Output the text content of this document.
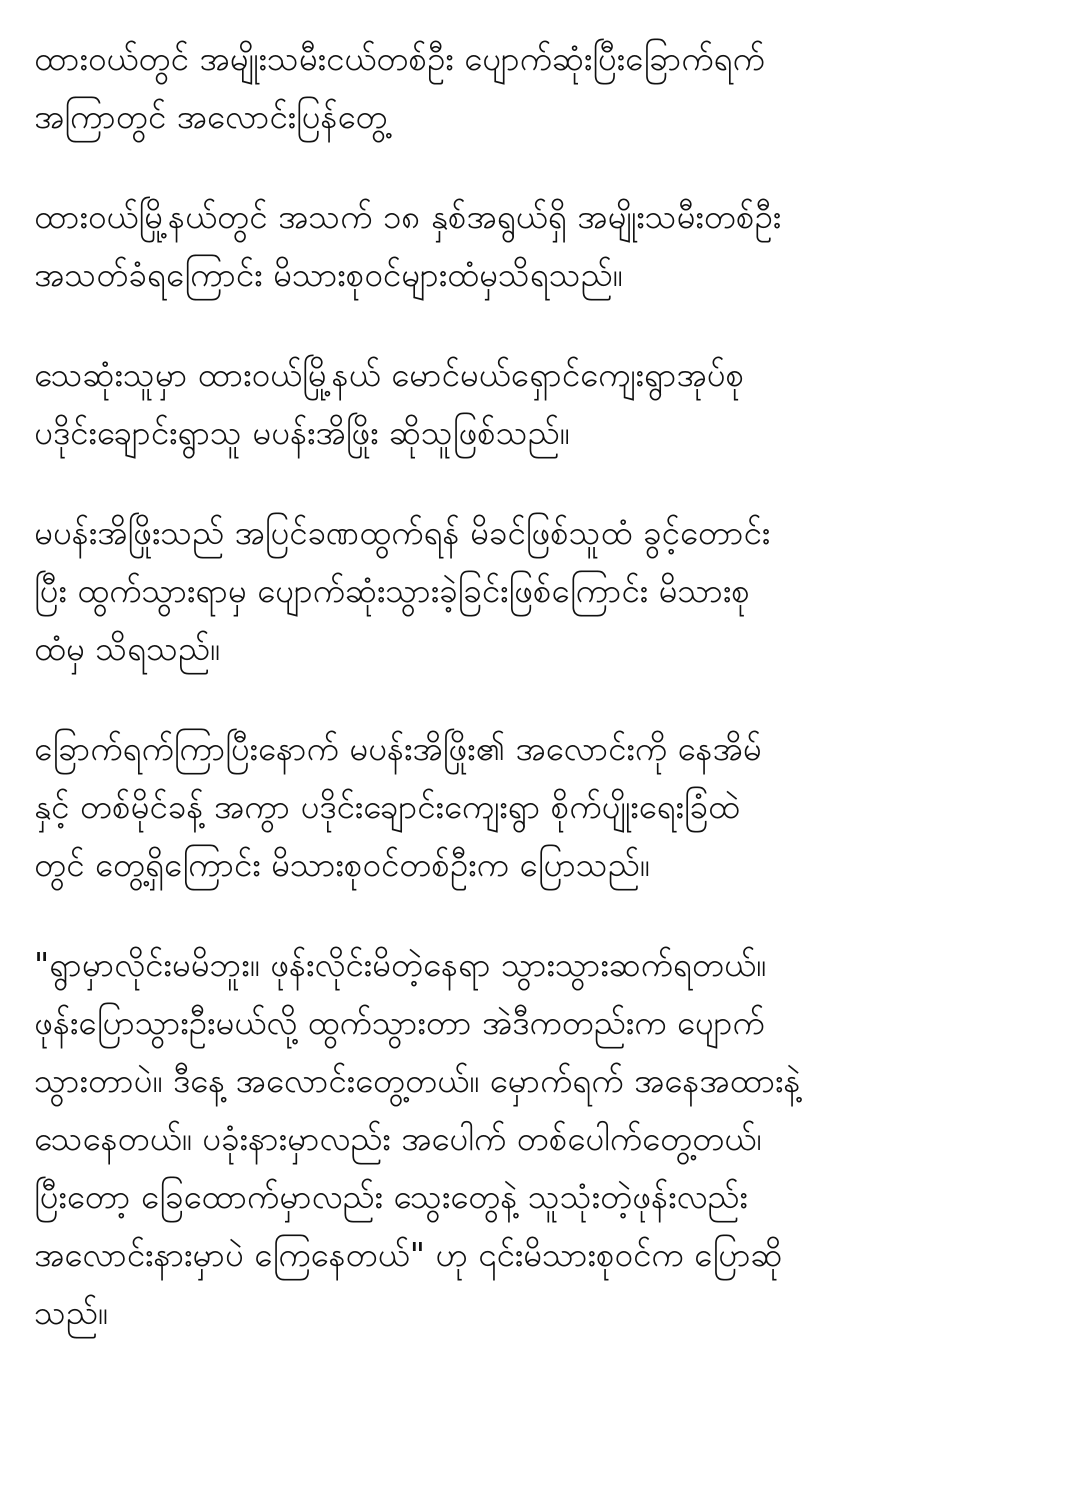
ထားဝယ်တွင် အမျိုးသမီးငယ်တစ်ဦး ပျောက်ဆုံးပြီးခြောက်ရက်
အကြာတွင် အလောင်းပြန်တွေ့

ထားဝယ်မြို့နယ်တွင် အသက် ၁၈ နှစ်အရွယ်ရှိ အမျိုးသမီးတစ်ဦး
အသတ်ခံရကြောင်း မိသားစုဝင်များထံမှသိရသည်။

သေဆုံးသူမှာ ထားဝယ်မြို့နယ် မောင်မယ်ရှောင်ကျေးရွာအုပ်စု
ပဒိုင်းချောင်းရွာသူ မပန်းအိဖြိုး ဆိုသူဖြစ်သည်။

မပန်းအိဖြိုးသည် အပြင်ခဏထွက်ရန် မိခင်ဖြစ်သူထံ ခွင့်တောင်း
ပြီး ထွက်သွားရာမှ ပျောက်ဆုံးသွားခဲ့ခြင်းဖြစ်ကြောင်း မိသားစု
ထံမှ သိရသည်။

ခြောက်ရက်ကြာပြီးနောက် မပန်းအိဖြိုး၏ အလောင်းကို နေအိမ်
နှင့် တစ်မိုင်ခန့် အကွာ ပဒိုင်းချောင်းကျေးရွာ စိုက်ပျိုးရေးခြံထဲ
တွင် တွေ့ရှိကြောင်း မိသားစုဝင်တစ်ဦးက ပြောသည်။

"ရွာမှာလိုင်းမမိဘူး။ ဖုန်းလိုင်းမိတဲ့နေရာ သွားသွားဆက်ရတယ်။
ဖုန်းပြောသွားဦးမယ်လို့ ထွက်သွားတာ အဲဒီကတည်းက ပျောက်
သွားတာပဲ။ ဒီနေ့ အလောင်းတွေ့တယ်။ မှောက်ရက် အနေအထားနဲ့
သေနေတယ်။ ပခုံးနားမှာလည်း အပေါက် တစ်ပေါက်တွေ့တယ်၊
ပြီးတော့ ခြေထောက်မှာလည်း သွေးတွေနဲ့ သူသုံးတဲ့ဖုန်းလည်း
အလောင်းနားမှာပဲ ကြေနေတယ်" ဟု ၎င်းမိသားစုဝင်က ပြောဆို
သည်။
